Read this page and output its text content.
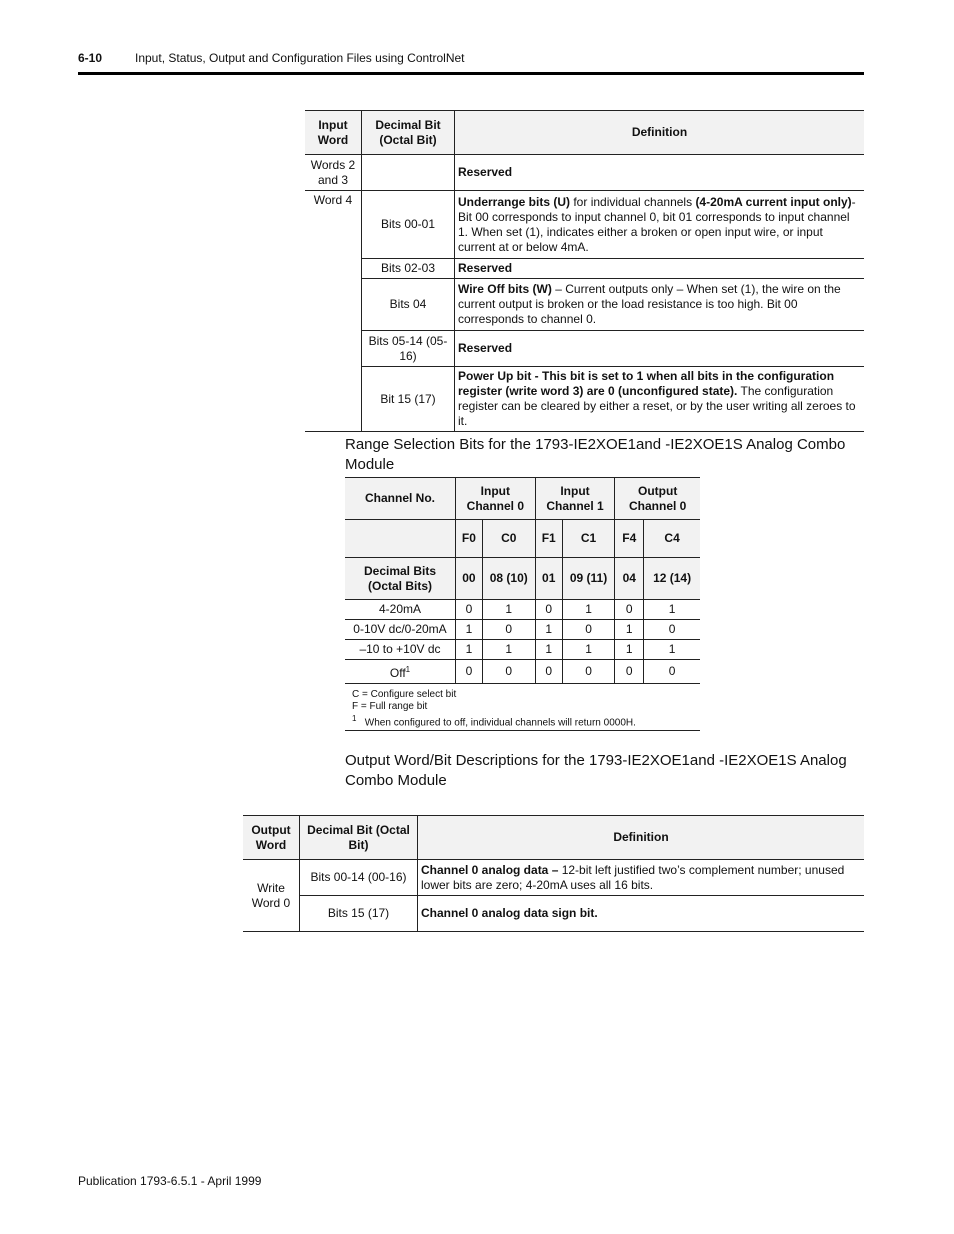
6-10	Input, Status, Output and Configuration Files using ControlNet
Input Word	Decimal Bit (Octal Bit)	Definition
Words 2 and 3		Reserved
Word 4	Bits 00-01	Underrange bits (U) for individual channels (4-20mA current input only)- Bit 00 corresponds to input channel 0, bit 01 corresponds to input channel 1. When set (1), indicates either a broken or open input wire, or input current at or below 4mA.
	Bits 02-03	Reserved
	Bits 04	Wire Off bits (W) – Current outputs only – When set (1), the wire on the current output is broken or the load resistance is too high. Bit 00 corresponds to channel 0.
	Bits 05-14 (05-16)	Reserved
	Bit 15 (17)	Power Up bit - This bit is set to 1 when all bits in the configuration register (write word 3) are 0 (unconfigured state). The configuration register can be cleared by either a reset, or by the user writing all zeroes to it.
Range Selection Bits for the 1793-IE2XOE1and -IE2XOE1S Analog Combo Module
Channel No.	Input Channel 0		Input Channel 1		Output Channel 0	
	F0	C0	F1	C1	F4	C4
Decimal Bits (Octal Bits)	00	08 (10)	01	09 (11)	04	12 (14)
4-20mA	0	1	0	1	0	1
0-10V dc/0-20mA	1	0	1	0	1	0
–10 to +10V dc	1	1	1	1	1	1
Off$^1$	0	0	0	0	0	0
C = Configure select bit
F = Full range bit
$^1$ When configured to off, individual channels will return 0000H.
Output Word/Bit Descriptions for the 1793-IE2XOE1and -IE2XOE1S Analog Combo Module
Output Word	Decimal Bit (Octal Bit)	Definition
Write Word 0	Bits 00-14 (00-16)	Channel 0 analog data – 12-bit left justified two’s complement number; unused lower bits are zero; 4-20mA uses all 16 bits.
	Bits 15 (17)	Channel 0 analog data sign bit.
Publication 1793-6.5.1 - April 1999
